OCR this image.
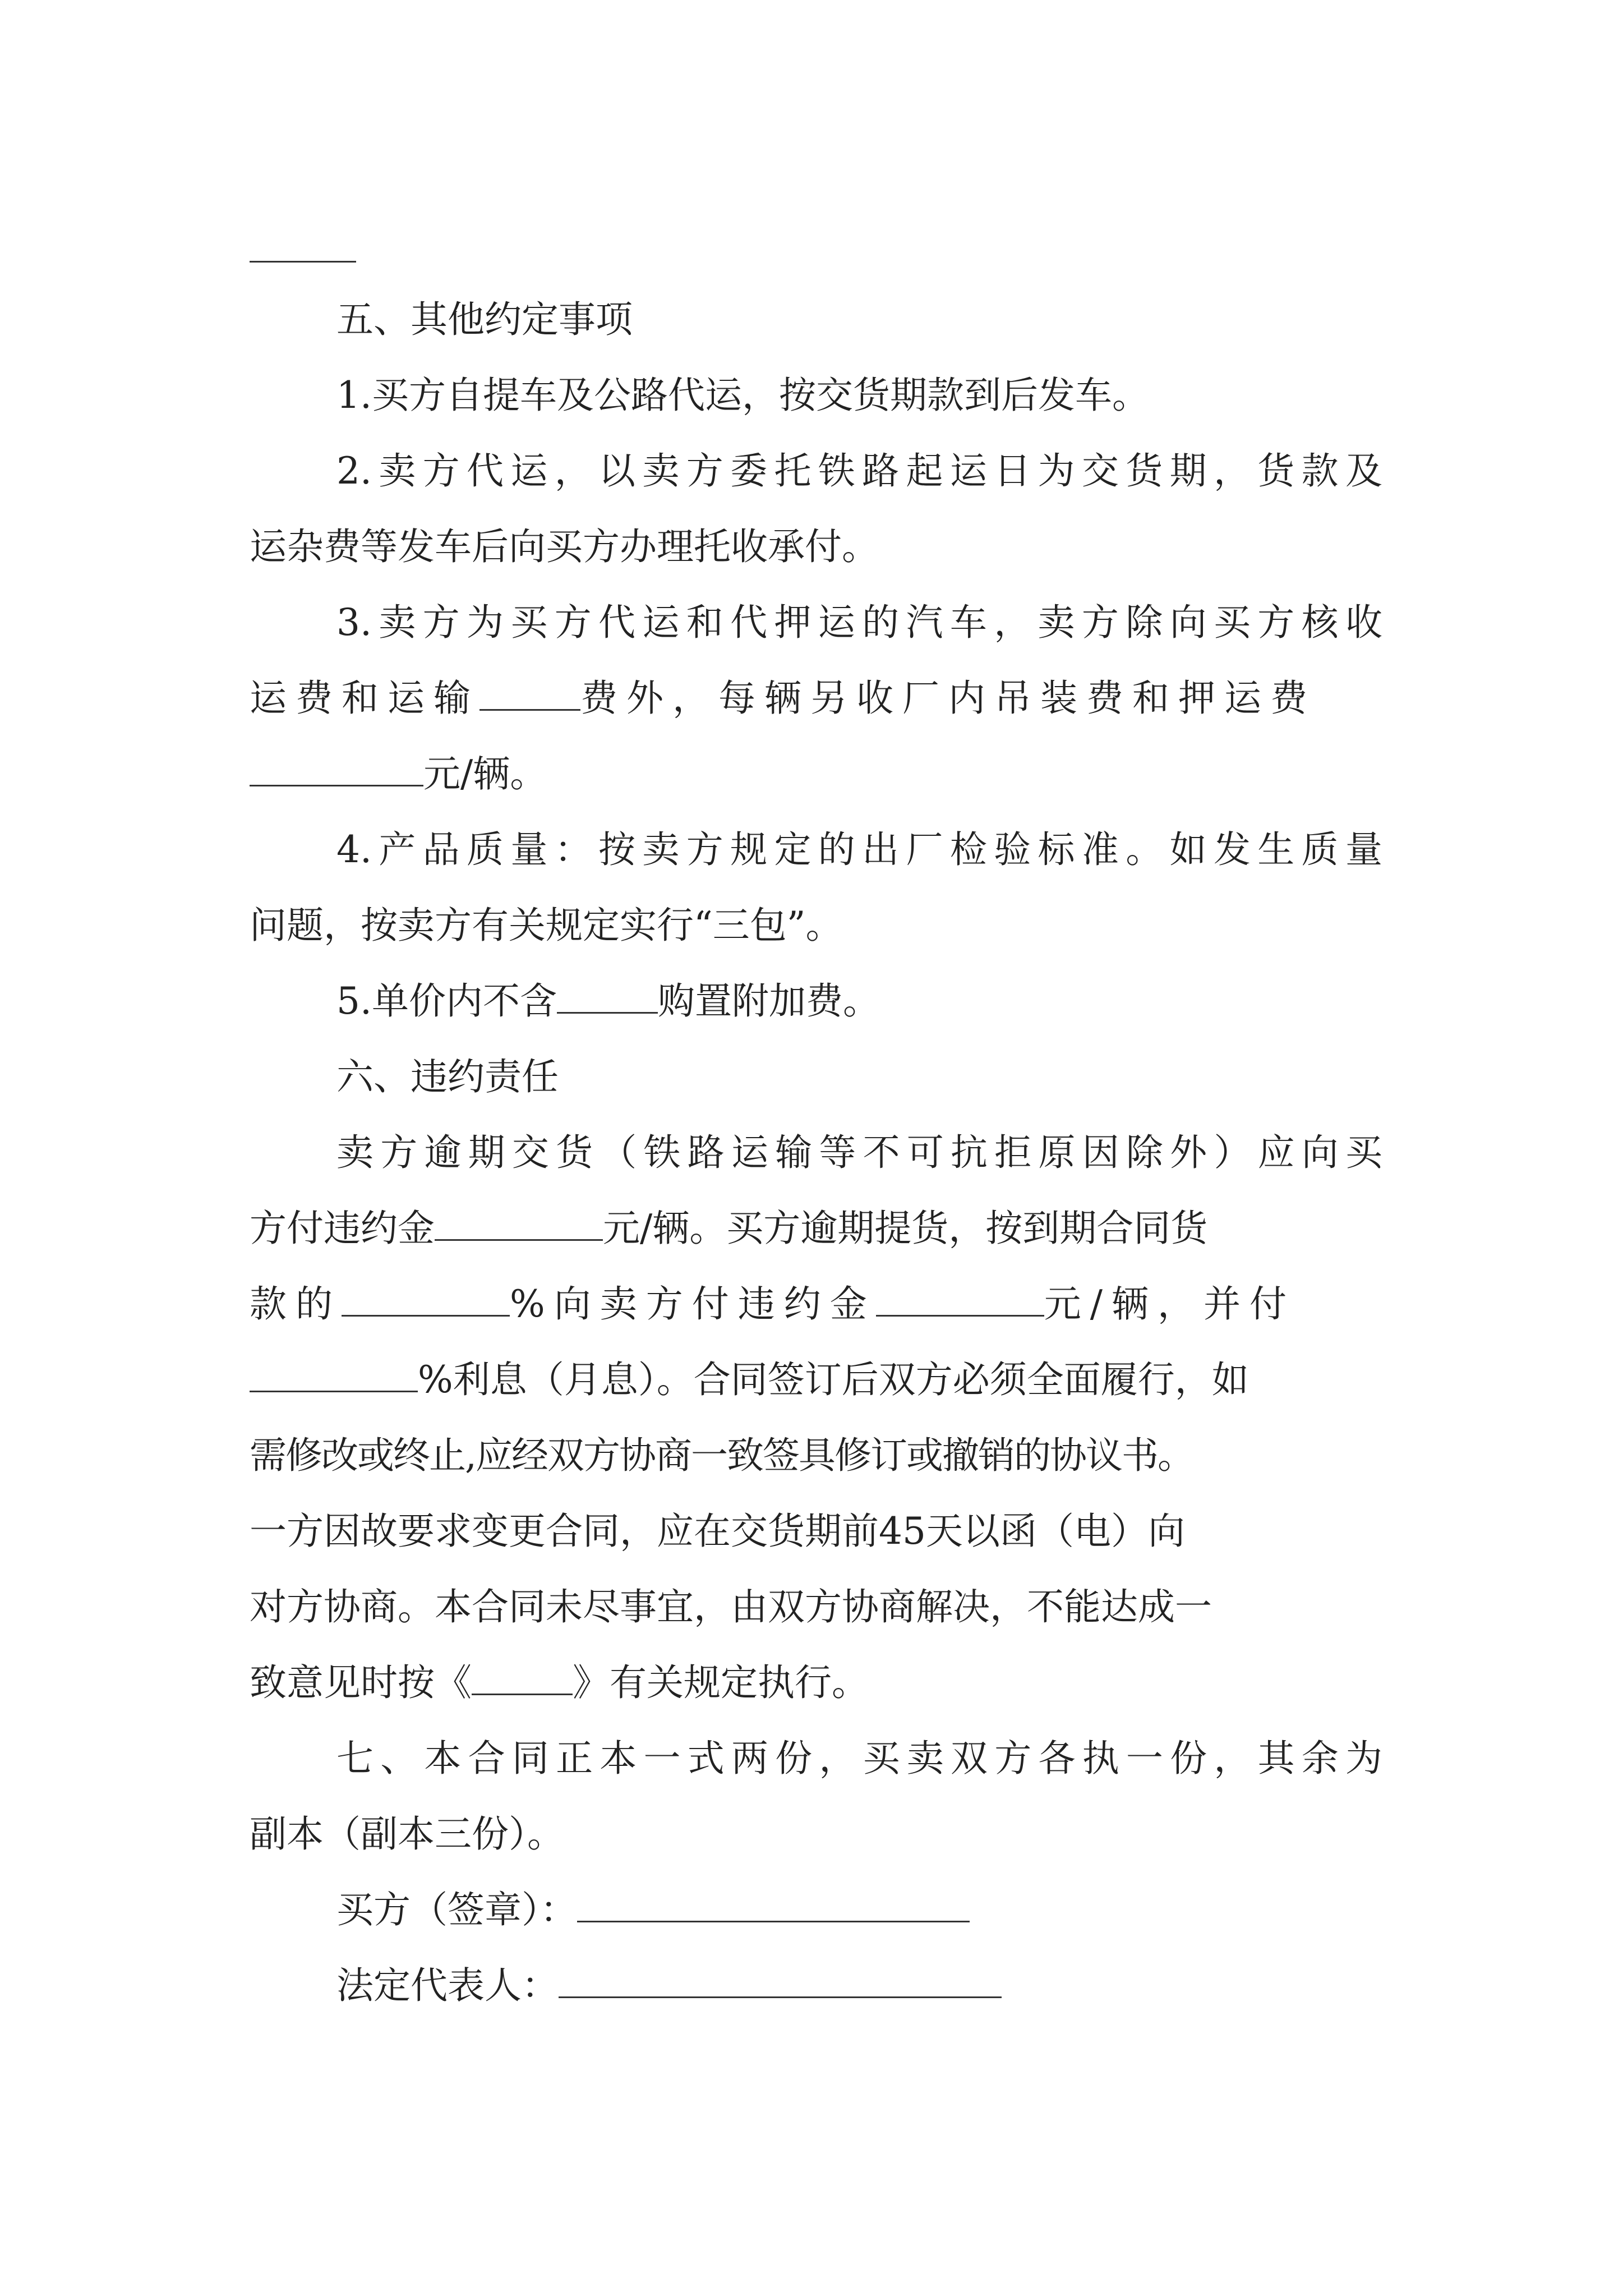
五、其他约定事项
1.买方自提车及公路代运，按交货期款到后发车。
2.卖方代运，以卖方委托铁路起运日为交货期，货款及
运杂费等发车后向买方办理托收承付。
3.卖方为买方代运和代押运的汽车，卖方除向买方核收
运费和运输	费外，每辆另收厂内吊装费和押运费
元/辆。
4.产品质量：按卖方规定的出厂检验标准。如发生质量
问题，按卖方有关规定实行“三包”。
5.单价内不含	购置附加费。
六、违约责任
卖方逾期交货（铁路运输等不可抗拒原因除外）应向买
方付违约金	元/辆。买方逾期提货，按到期合同货
款的	%向卖方付违约金	元/辆，并付
%利息（月息）。合同签订后双方必须全面履行，如
需修改或终止,应经双方协商一致签具修订或撤销的协议书。
一方因故要求变更合同，应在交货期前45天以函（电）向
对方协商。本合同未尽事宜，由双方协商解决，不能达成一
致意见时按《	》有关规定执行。
七、本合同正本一式两份，买卖双方各执一份，其余为
副本（副本三份）。
买方（签章）：
法定代表人：
